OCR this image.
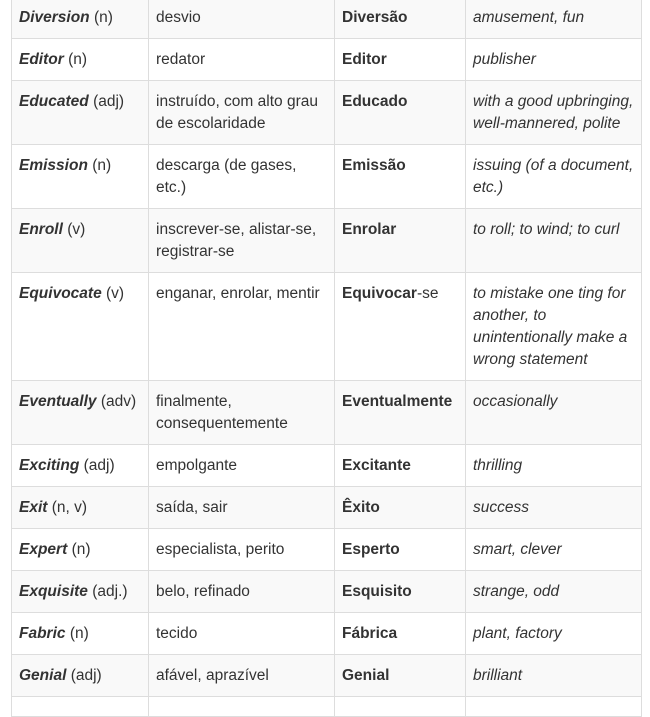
Diversion (n)	desvio	Diversão	amusement, fun
Editor (n)	redator	Editor	publisher
Educated (adj)	instruído, com alto grau de escolaridade	Educado	with a good upbringing, well-mannered, polite
Emission (n)	descarga (de gases, etc.)	Emissão	issuing (of a document, etc.)
Enroll (v)	inscrever-se, alistar-se, registrar-se	Enrolar	to roll; to wind; to curl
Equivocate (v)	enganar, enrolar, mentir	Equivocar-se	to mistake one ting for another, to unintentionally make a wrong statement
Eventually (adv)	finalmente, consequentemente	Eventualmente	occasionally
Exciting (adj)	empolgante	Excitante	thrilling
Exit (n, v)	saída, sair	Êxito	success
Expert (n)	especialista, perito	Esperto	smart, clever
Exquisite (adj.)	belo, refinado	Esquisito	strange, odd
Fabric (n)	tecido	Fábrica	plant, factory
Genial (adj)	afável, aprazível	Genial	brilliant
